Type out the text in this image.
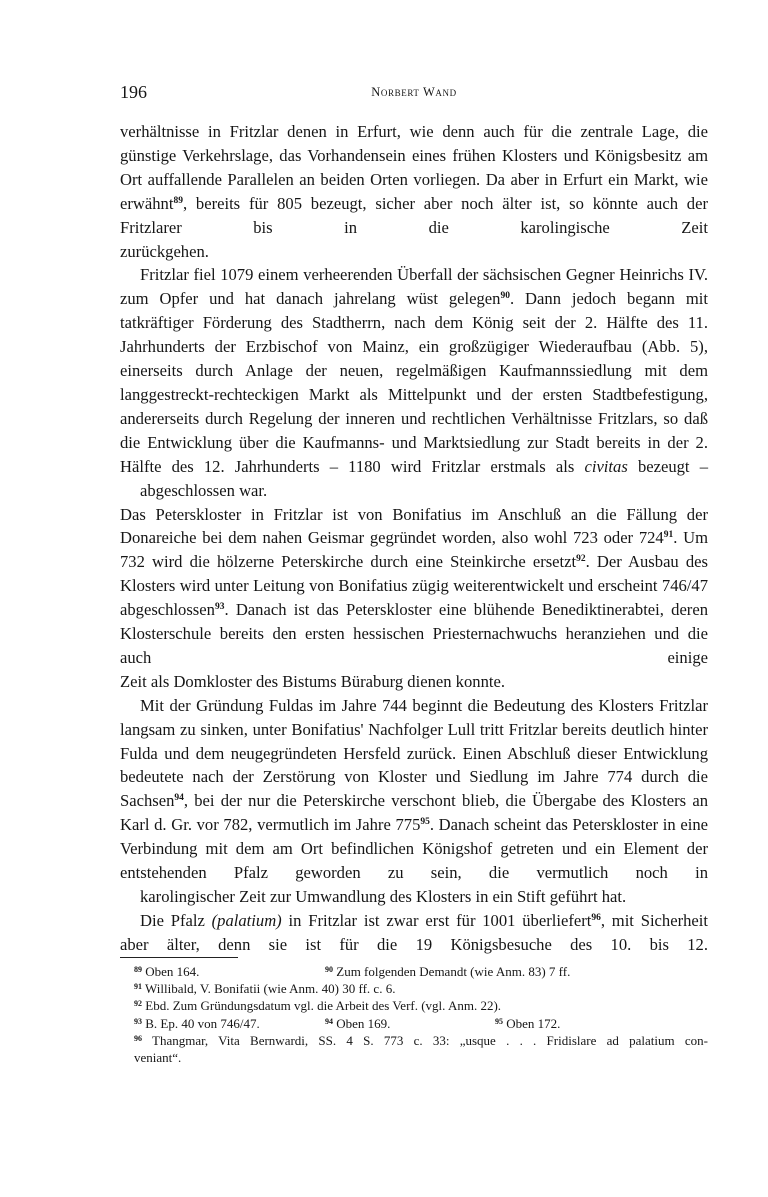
196	Norbert Wand

verhältnisse in Fritzlar denen in Erfurt, wie denn auch für die zentrale Lage, die günstige Verkehrslage, das Vorhandensein eines frühen Klosters und Königsbesitz am Ort auffallende Parallelen an beiden Orten vorliegen. Da aber in Erfurt ein Markt, wie erwähnt$^{89}$, bereits für 805 bezeugt, sicher aber noch älter ist, so könnte auch der Fritzlarer bis in die karolingische Zeit
zurückgehen.

Fritzlar fiel 1079 einem verheerenden Überfall der sächsischen Gegner Heinrichs IV. zum Opfer und hat danach jahrelang wüst gelegen$^{90}$. Dann jedoch begann mit tatkräftiger Förderung des Stadtherrn, nach dem König seit der 2. Hälfte des 11. Jahrhunderts der Erzbischof von Mainz, ein großzügiger Wiederaufbau (Abb. 5), einerseits durch Anlage der neuen, regelmäßigen Kaufmannssiedlung mit dem langgestreckt-rechteckigen Markt als Mittelpunkt und der ersten Stadtbefestigung, andererseits durch Regelung der inneren und rechtlichen Verhältnisse Fritzlars, so daß die Entwicklung über die Kaufmanns- und Marktsiedlung zur Stadt bereits in der 2. Hälfte des 12. Jahrhunderts – 1180 wird Fritzlar erstmals als civitas bezeugt –
abgeschlossen war.

Das Peterskloster in Fritzlar ist von Bonifatius im Anschluß an die Fällung der Donareiche bei dem nahen Geismar gegründet worden, also wohl 723 oder $724^{91}$. Um 732 wird die hölzerne Peterskirche durch eine Steinkirche ersetzt$^{92}$. Der Ausbau des Klosters wird unter Leitung von Bonifatius zügig weiterentwickelt und erscheint 746/47 abgeschlossen$^{93}$. Danach ist das Peterskloster eine blühende Benediktinerabtei, deren Klosterschule bereits den ersten hessischen Priesternachwuchs heranziehen und die auch einige
Zeit als Domkloster des Bistums Büraburg dienen konnte.

Mit der Gründung Fuldas im Jahre 744 beginnt die Bedeutung des Klosters Fritzlar langsam zu sinken, unter Bonifatius' Nachfolger Lull tritt Fritzlar bereits deutlich hinter Fulda und dem neugegründeten Hersfeld zurück. Einen Abschluß dieser Entwicklung bedeutete nach der Zerstörung von Kloster und Siedlung im Jahre 774 durch die Sachsen$^{94}$, bei der nur die Peterskirche verschont blieb, die Übergabe des Klosters an Karl d. Gr. vor 782, vermutlich im Jahre $775^{95}$. Danach scheint das Peterskloster in eine Verbindung mit dem am Ort befindlichen Königshof getreten und ein Element der entstehenden Pfalz geworden zu sein, die vermutlich noch in
karolingischer Zeit zur Umwandlung des Klosters in ein Stift geführt hat.

Die Pfalz (palatium) in Fritzlar ist zwar erst für 1001 überliefert$^{96}$, mit Sicherheit aber älter, denn sie ist für die 19 Königsbesuche des 10. bis 12.

$^{89}$ Oben 164.	$^{90}$ Zum folgenden Demandt (wie Anm. 83) 7 ff.
$^{91}$ Willibald, V. Bonifatii (wie Anm. 40) 30 ff. c. 6.
$^{92}$ Ebd. Zum Gründungsdatum vgl. die Arbeit des Verf. (vgl. Anm. 22).
$^{93}$ B. Ep. 40 von 746/47.	$^{94}$ Oben 169.	$^{95}$ Oben 172.
$^{96}$ Thangmar, Vita Bernwardi, SS. 4 S. 773 c. 33: „usque . . . Fridislare ad palatium con-
veniant“.
